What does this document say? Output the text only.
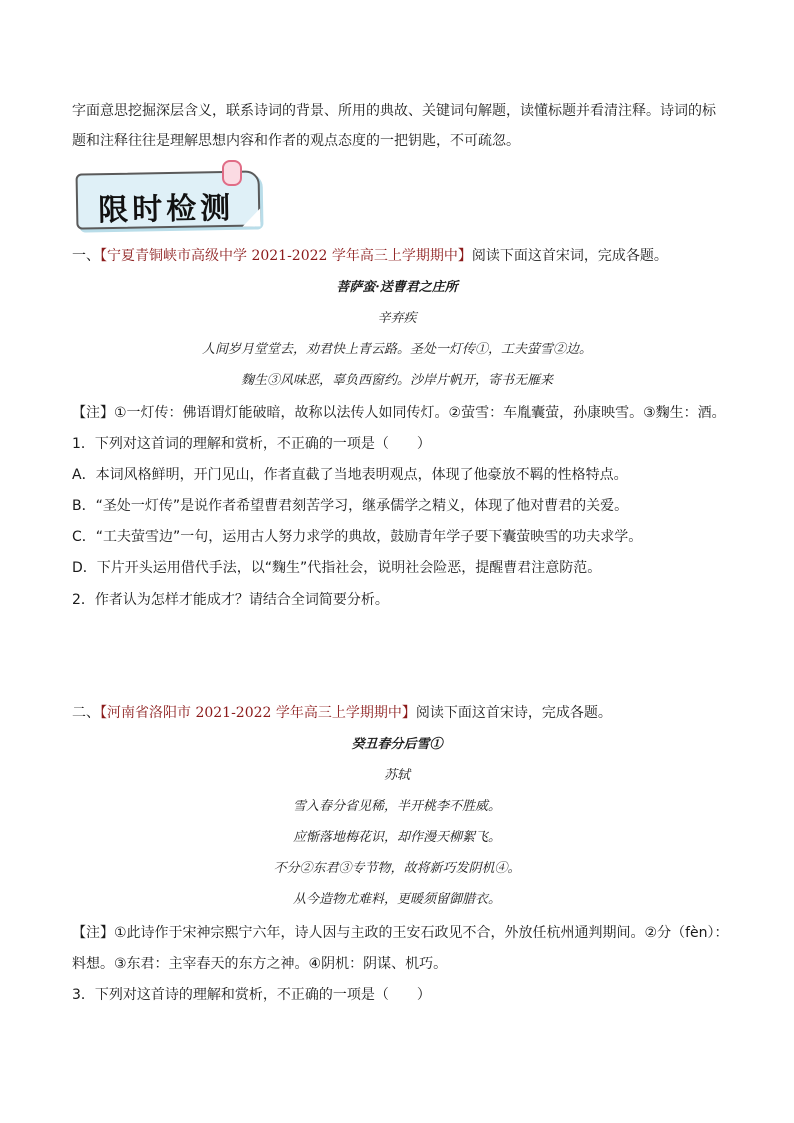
字面意思挖掘深层含义，联系诗词的背景、所用的典故、关键词句解题，读懂标题并看清注释。诗词的标
题和注释往往是理解思想内容和作者的观点态度的一把钥匙，不可疏忽。
限时检测
一、【宁夏青铜峡市高级中学 2021-2022 学年高三上学期期中】阅读下面这首宋词，完成各题。
菩萨蛮·送曹君之庄所
辛弃疾
人间岁月堂堂去，劝君快上青云路。圣处一灯传①，工夫萤雪②边。
麴生③风味恶，辜负西窗约。沙岸片帆开，寄书无雁来
【注】①一灯传：佛语谓灯能破暗，故称以法传人如同传灯。②萤雪：车胤囊萤，孙康映雪。③麴生：酒。
1．下列对这首词的理解和赏析，不正确的一项是（　　）
A．本词风格鲜明，开门见山，作者直截了当地表明观点，体现了他豪放不羁的性格特点。
B．“圣处一灯传”是说作者希望曹君刻苦学习，继承儒学之精义，体现了他对曹君的关爱。
C．“工夫萤雪边”一句，运用古人努力求学的典故，鼓励青年学子要下囊萤映雪的功夫求学。
D．下片开头运用借代手法，以“麴生”代指社会，说明社会险恶，提醒曹君注意防范。
2．作者认为怎样才能成才？请结合全词简要分析。
二、【河南省洛阳市 2021-2022 学年高三上学期期中】阅读下面这首宋诗，完成各题。
癸丑春分后雪①
苏轼
雪入春分省见稀，半开桃李不胜威。
应惭落地梅花识，却作漫天柳絮飞。
不分②东君③专节物，故将新巧发阴机④。
从今造物尤难料，更暖须留御腊衣。
【注】①此诗作于宋神宗熙宁六年，诗人因与主政的王安石政见不合，外放任杭州通判期间。②分（fèn）：
料想。③东君：主宰春天的东方之神。④阴机：阴谋、机巧。
3．下列对这首诗的理解和赏析，不正确的一项是（　　）
